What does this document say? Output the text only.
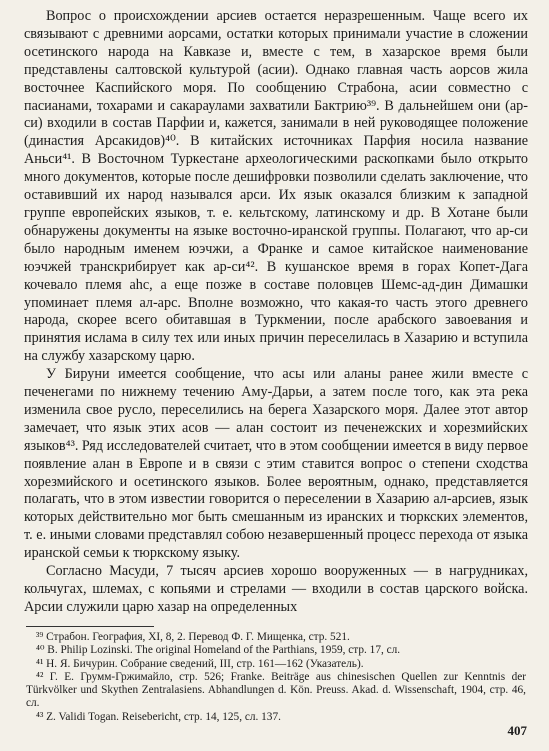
Вопрос о происхождении арсиев остается неразрешенным. Чаще всего их связывают с древними аорсами, остатки которых принимали участие в сложении осетинского народа на Кавказе и, вместе с тем, в хазарское время были представлены салтовской культурой (асии). Однако главная часть аорсов жила восточнее Каспийского моря. По сообщению Страбона, асии совместно с пасианами, тохарами и сакараулами захватили Бактрию³⁹. В дальнейшем они (ар-си) входили в состав Парфии и, кажется, занимали в ней руководящее положение (династия Арсакидов)⁴⁰. В китайских источниках Парфия носила название Аньси⁴¹. В Восточном Туркестане археологическими раскопками было открыто много документов, которые после дешифровки позволили сделать заключение, что оставивший их народ назывался арси. Их язык оказался близким к западной группе европейских языков, т. е. кельтскому, латинскому и др. В Хотане были обнаружены документы на языке восточно-иранской группы. Полагают, что ар-си было народным именем юэчжи, а Франке и самое китайское наименование юэчжей транскрибирует как ар-си⁴². В кушанское время в горах Копет-Дага кочевало племя аһс, а еще позже в составе половцев Шемс-ад-дин Димашки упоминает племя ал-арс. Вполне возможно, что какая-то часть этого древнего народа, скорее всего обитавшая в Туркмении, после арабского завоевания и принятия ислама в силу тех или иных причин переселилась в Хазарию и вступила на службу хазарскому царю.

У Бируни имеется сообщение, что асы или аланы ранее жили вместе с печенегами по нижнему течению Аму-Дарьи, а затем после того, как эта река изменила свое русло, переселились на берега Хазарского моря. Далее этот автор замечает, что язык этих асов — алан состоит из печенежских и хорезмийских языков⁴³. Ряд исследователей считает, что в этом сообщении имеется в виду первое появление алан в Европе и в связи с этим ставится вопрос о степени сходства хорезмийского и осетинского языков. Более вероятным, однако, представляется полагать, что в этом известии говорится о переселении в Хазарию ал-арсиев, язык которых действительно мог быть смешанным из иранских и тюркских элементов, т. е. иными словами представлял собою незавершенный процесс перехода от языка иранской семьи к тюркскому языку.

Согласно Масуди, 7 тысяч арсиев хорошо вооруженных — в нагрудниках, кольчугах, шлемах, с копьями и стрелами — входили в состав царского войска. Арсии служили царю хазар на определенных

³⁹ Страбон. География, XI, 8, 2. Перевод Ф. Г. Мищенка, стр. 521.

⁴⁰ B. Philip Lozinski. The original Homeland of the Parthians, 1959, стр. 17, сл.

⁴¹ Н. Я. Бичурин. Собрание сведений, III, стр. 161—162 (Указатель).

⁴² Г. Е. Грумм-Гржимайло, стр. 526; Franke. Beiträge aus chinesischen Quellen zur Kenntnis der Türkvölker und Skythen Zentralasiens. Abhandlungen d. Kön. Preuss. Akad. d. Wissenschaft, 1904, стр. 46, сл.

⁴³ Z. Validi Togan. Reisebericht, стр. 14, 125, сл. 137.

407
